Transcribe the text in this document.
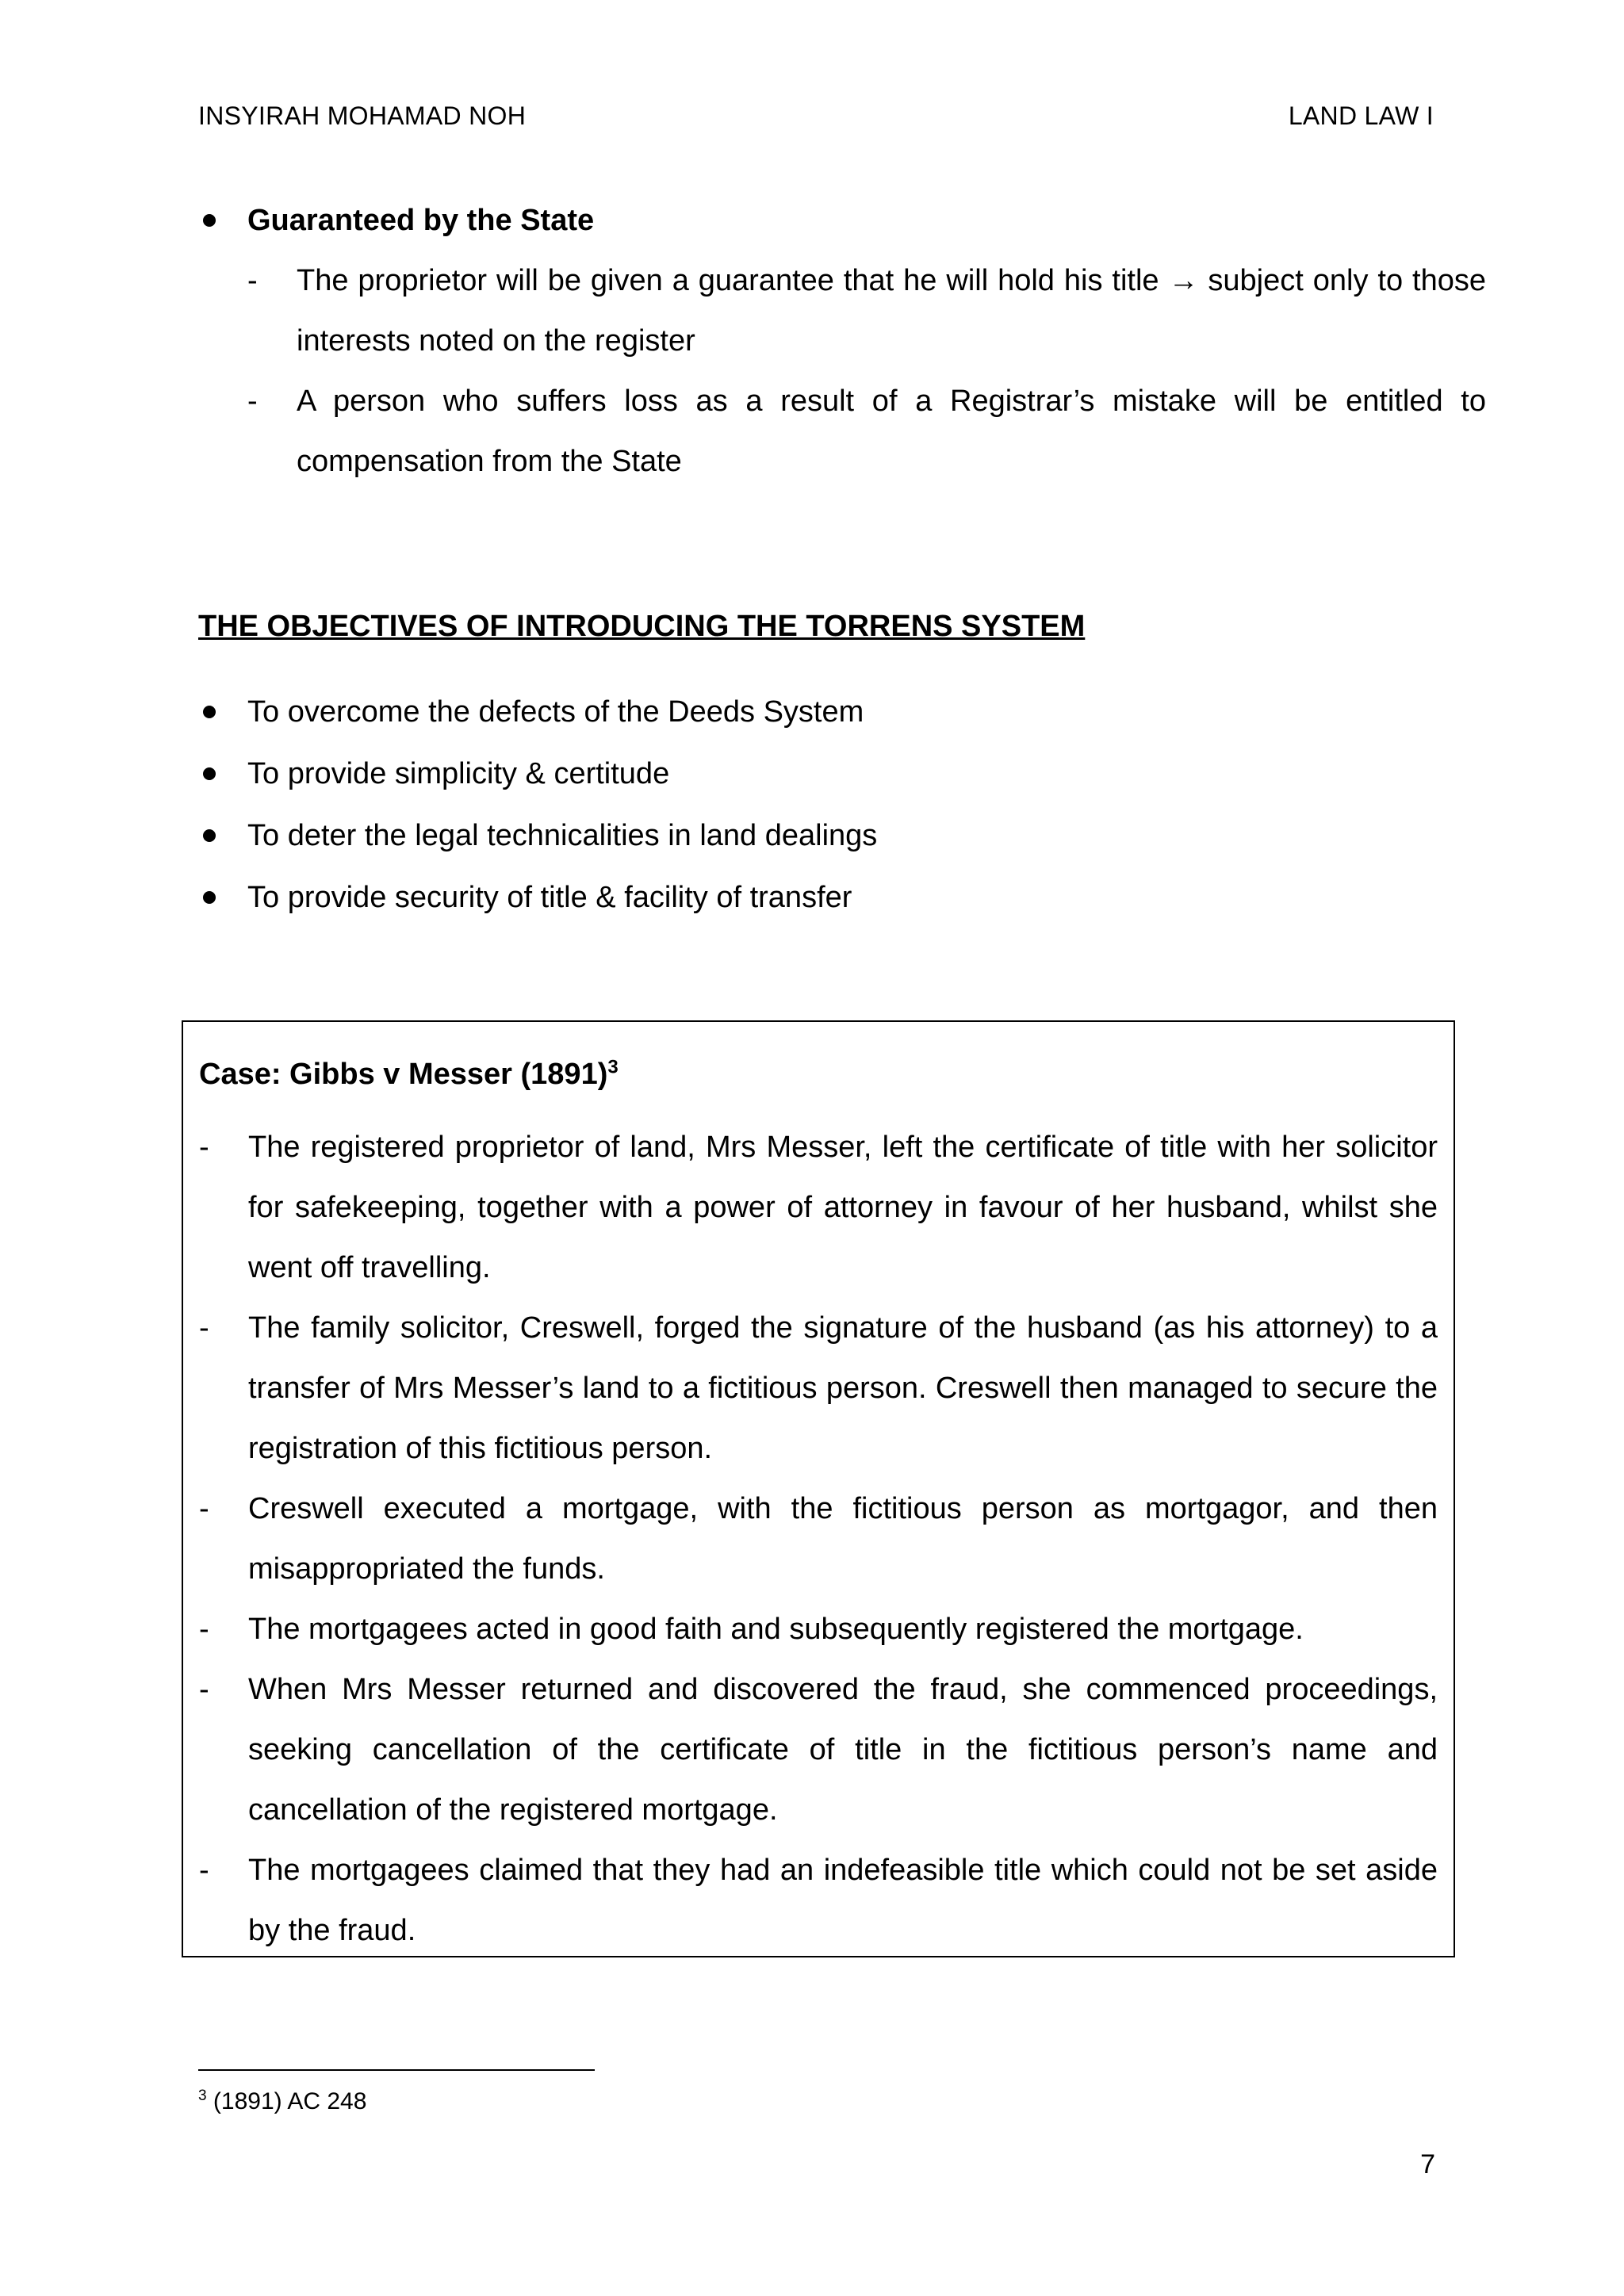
INSYIRAH MOHAMAD NOH	LAND LAW I
Guaranteed by the State
- The proprietor will be given a guarantee that he will hold his title → subject only to those interests noted on the register
- A person who suffers loss as a result of a Registrar’s mistake will be entitled to compensation from the State
THE OBJECTIVES OF INTRODUCING THE TORRENS SYSTEM
To overcome the defects of the Deeds System
To provide simplicity & certitude
To deter the legal technicalities in land dealings
To provide security of title & facility of transfer
Case: Gibbs v Messer $(1891)^3$
- The registered proprietor of land, Mrs Messer, left the certificate of title with her solicitor for safekeeping, together with a power of attorney in favour of her husband, whilst she went off travelling.
- The family solicitor, Creswell, forged the signature of the husband (as his attorney) to a transfer of Mrs Messer’s land to a fictitious person. Creswell then managed to secure the registration of this fictitious person.
- Creswell executed a mortgage, with the fictitious person as mortgagor, and then misappropriated the funds.
- The mortgagees acted in good faith and subsequently registered the mortgage.
- When Mrs Messer returned and discovered the fraud, she commenced proceedings, seeking cancellation of the certificate of title in the fictitious person’s name and cancellation of the registered mortgage.
- The mortgagees claimed that they had an indefeasible title which could not be set aside by the fraud.
$^3$ (1891) AC 248
7
